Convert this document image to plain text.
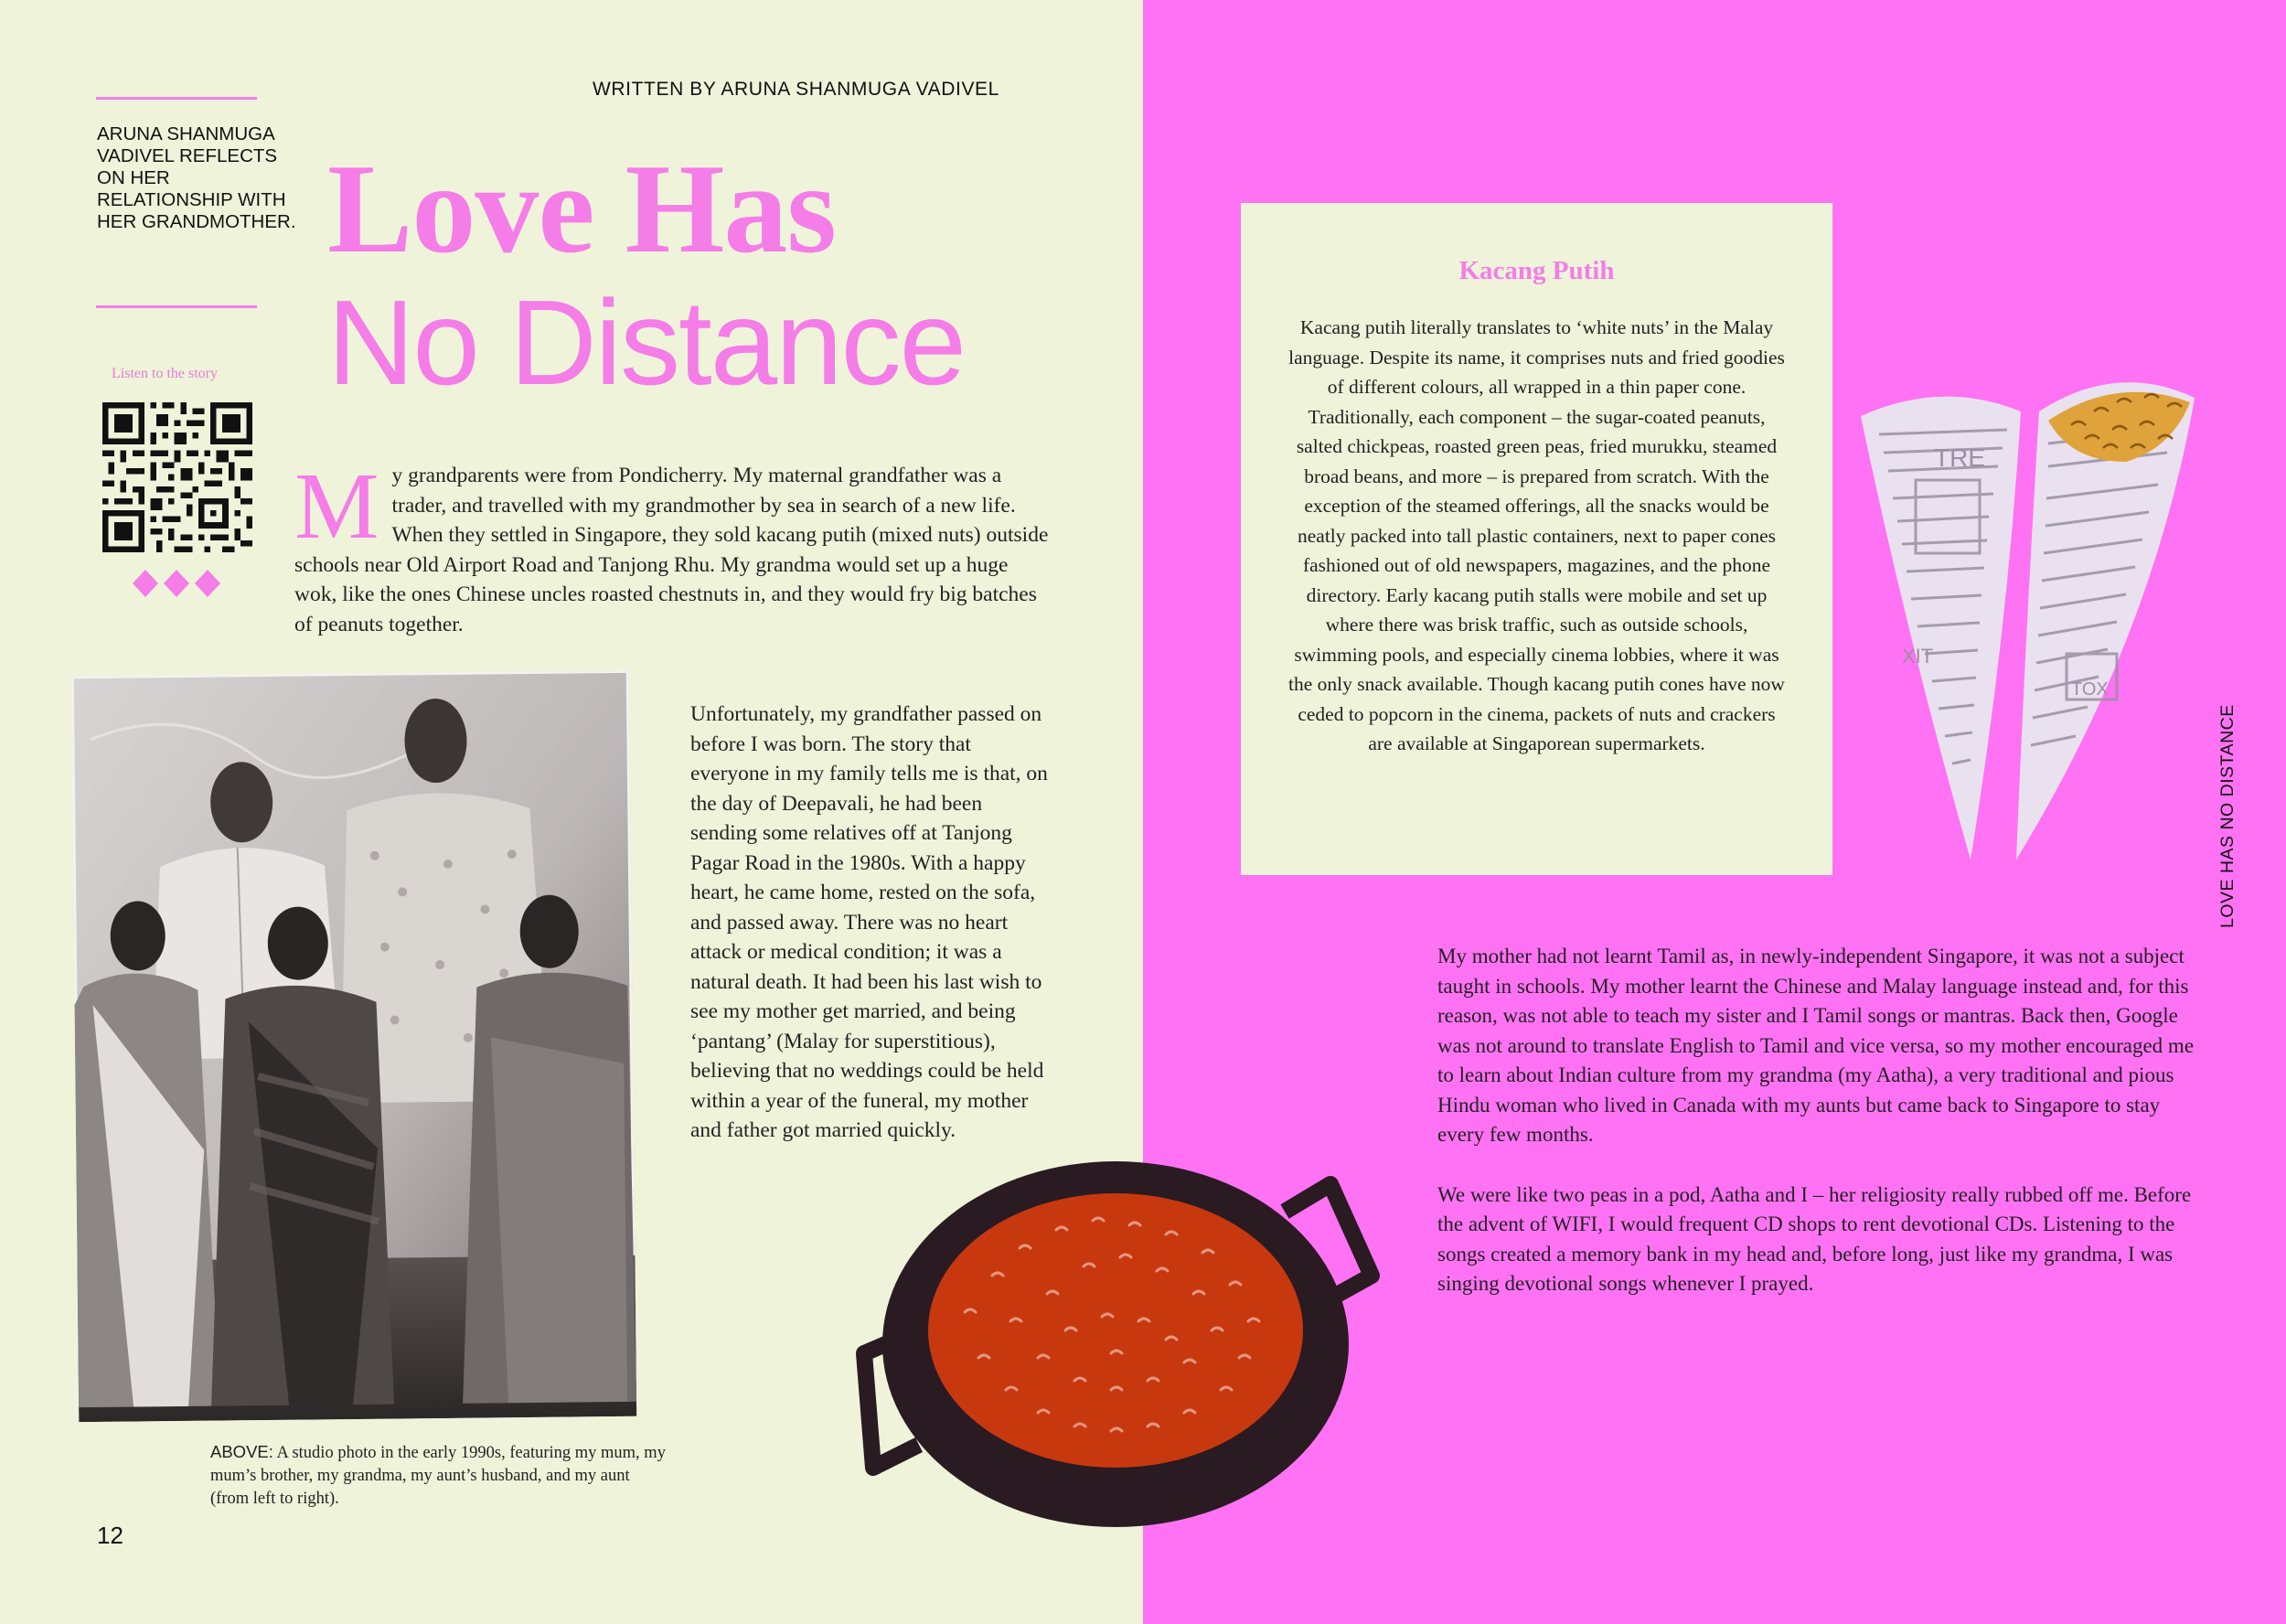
WRITTEN BY ARUNA SHANMUGA VADIVEL
ARUNA SHANMUGA VADIVEL REFLECTS ON HER RELATIONSHIP WITH HER GRANDMOTHER. Love Has
No Distance
Listen to the story
My grandparents were from Pondicherry. My maternal grandfather was a trader, and travelled with my grandmother by sea in search of a new life. When they settled in Singapore, they sold kacang putih (mixed nuts) outside schools near Old Airport Road and Tanjong Rhu. My grandma would set up a huge wok, like the ones Chinese uncles roasted chestnuts in, and they would fry big batches of peanuts together.
Unfortunately, my grandfather passed on before I was born. The story that everyone in my family tells me is that, on the day of Deepavali, he had been sending some relatives off at Tanjong Pagar Road in the 1980s. With a happy heart, he came home, rested on the sofa, and passed away. There was no heart attack or medical condition; it was a natural death. It had been his last wish to see my mother get married, and being ‘pantang’ (Malay for superstitious), believing that no weddings could be held within a year of the funeral, my mother and father got married quickly.
ABOVE: A studio photo in the early 1990s, featuring my mum, my mum’s brother, my grandma, my aunt’s husband, and my aunt (from left to right).
12
Kacang Putih
Kacang putih literally translates to ‘white nuts’ in the Malay language. Despite its name, it comprises nuts and fried goodies of different colours, all wrapped in a thin paper cone. Traditionally, each component – the sugar-coated peanuts, salted chickpeas, roasted green peas, fried murukku, steamed broad beans, and more – is prepared from scratch. With the exception of the steamed offerings, all the snacks would be neatly packed into tall plastic containers, next to paper cones fashioned out of old newspapers, magazines, and the phone directory. Early kacang putih stalls were mobile and set up where there was brisk traffic, such as outside schools, swimming pools, and especially cinema lobbies, where it was the only snack available. Though kacang putih cones have now ceded to popcorn in the cinema, packets of nuts and crackers are available at Singaporean supermarkets.
TRE
XIT
TOX

My mother had not learnt Tamil as, in newly-independent Singapore, it was not a subject taught in schools. My mother learnt the Chinese and Malay language instead and, for this reason, was not able to teach my sister and I Tamil songs or mantras. Back then, Google was not around to translate English to Tamil and vice versa, so my mother encouraged me to learn about Indian culture from my grandma (my Aatha), a very traditional and pious Hindu woman who lived in Canada with my aunts but came back to Singapore to stay every few months.

We were like two peas in a pod, Aatha and I – her religiosity really rubbed off me. Before the advent of WIFI, I would frequent CD shops to rent devotional CDs. Listening to the songs created a memory bank in my head and, before long, just like my grandma, I was singing devotional songs whenever I prayed.

LOVE HAS NO DISTANCE
